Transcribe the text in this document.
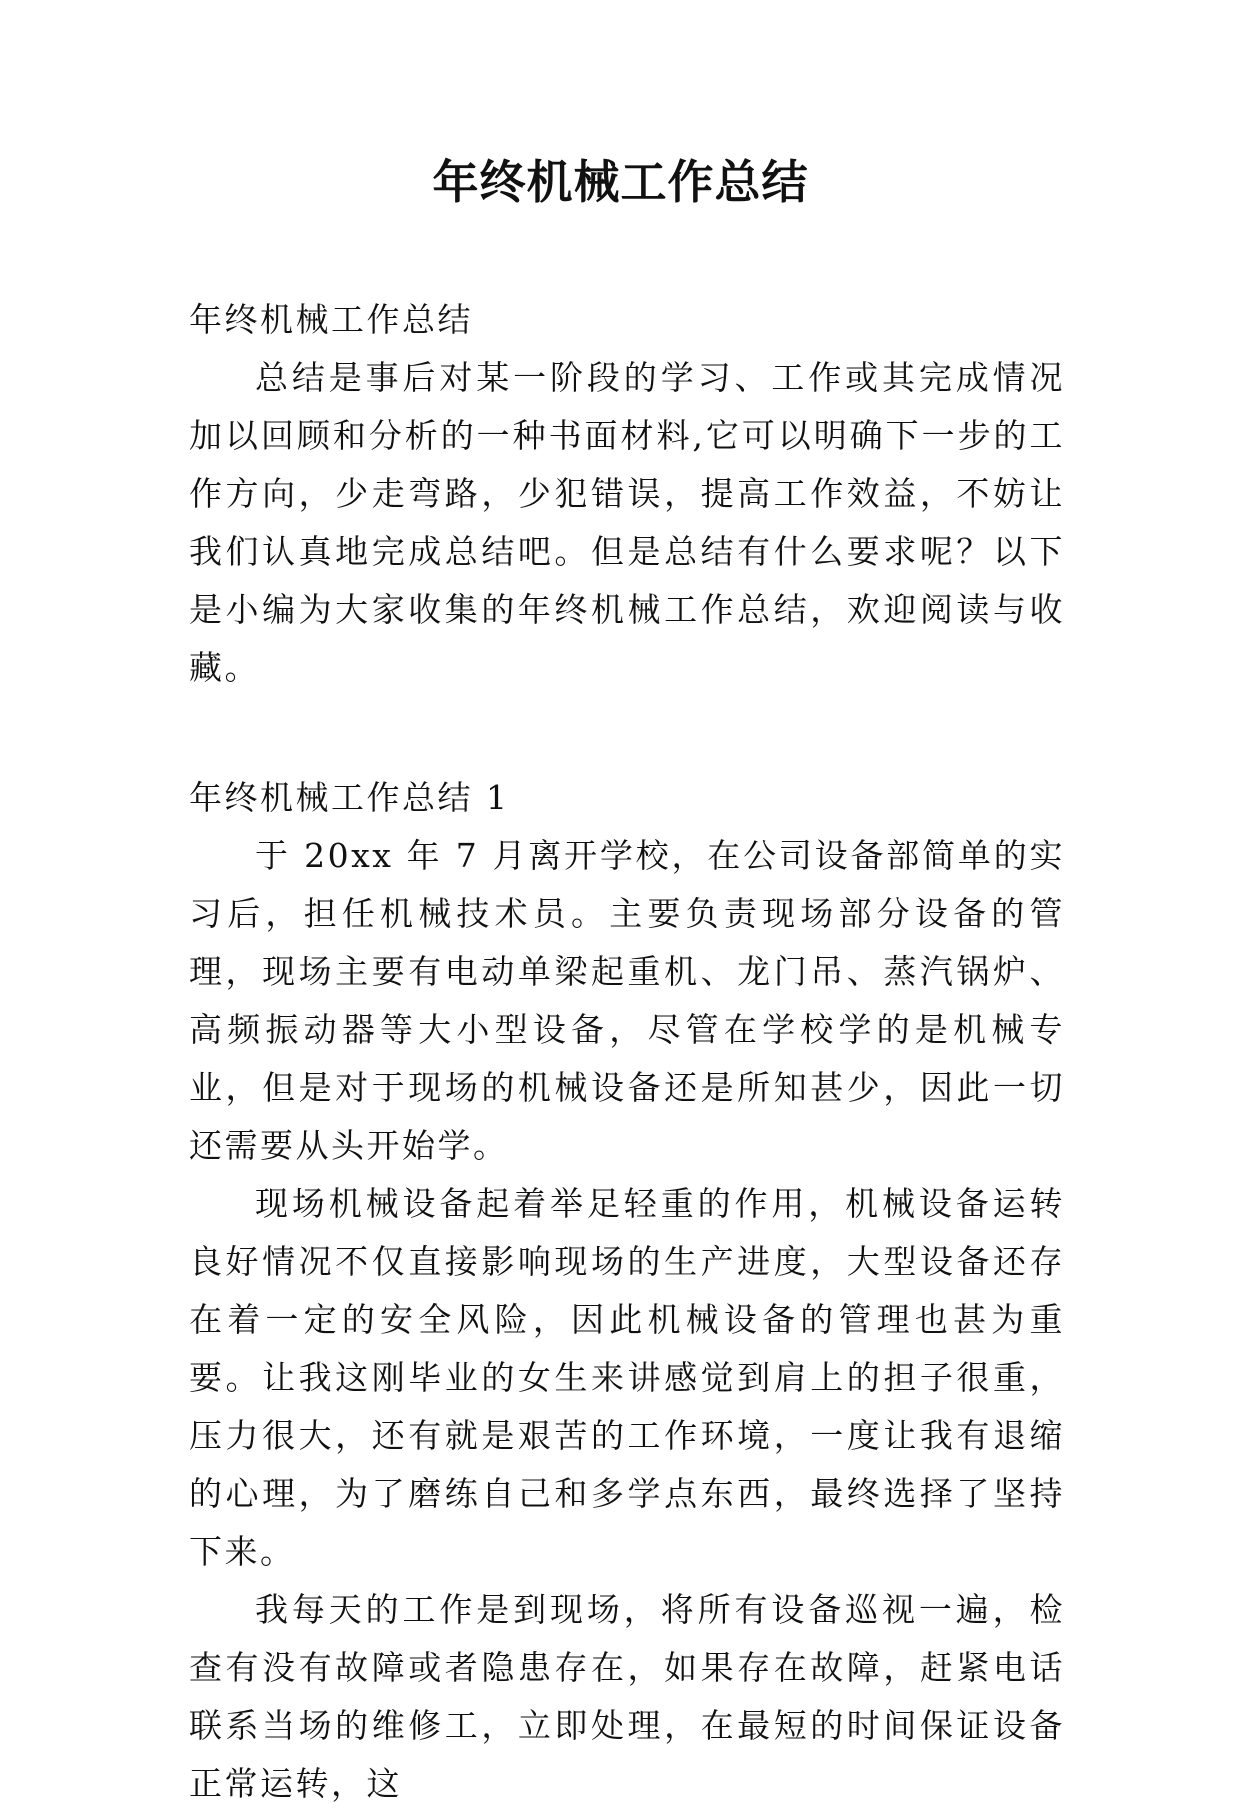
年终机械工作总结

年终机械工作总结

总结是事后对某一阶段的学习、工作或其完成情况加以回顾和分析的一种书面材料,它可以明确下一步的工作方向，少走弯路，少犯错误，提高工作效益，不妨让我们认真地完成总结吧。但是总结有什么要求呢？以下是小编为大家收集的年终机械工作总结，欢迎阅读与收藏。

年终机械工作总结 1

于 20xx 年 7 月离开学校，在公司设备部简单的实习后，担任机械技术员。主要负责现场部分设备的管理，现场主要有电动单梁起重机、龙门吊、蒸汽锅炉、高频振动器等大小型设备，尽管在学校学的是机械专业，但是对于现场的机械设备还是所知甚少，因此一切还需要从头开始学。

现场机械设备起着举足轻重的作用，机械设备运转良好情况不仅直接影响现场的生产进度，大型设备还存在着一定的安全风险，因此机械设备的管理也甚为重要。让我这刚毕业的女生来讲感觉到肩上的担子很重，压力很大，还有就是艰苦的工作环境，一度让我有退缩的心理，为了磨练自己和多学点东西，最终选择了坚持下来。

我每天的工作是到现场，将所有设备巡视一遍，检查有没有故障或者隐患存在，如果存在故障，赶紧电话联系当场的维修工，立即处理，在最短的时间保证设备正常运转，这
